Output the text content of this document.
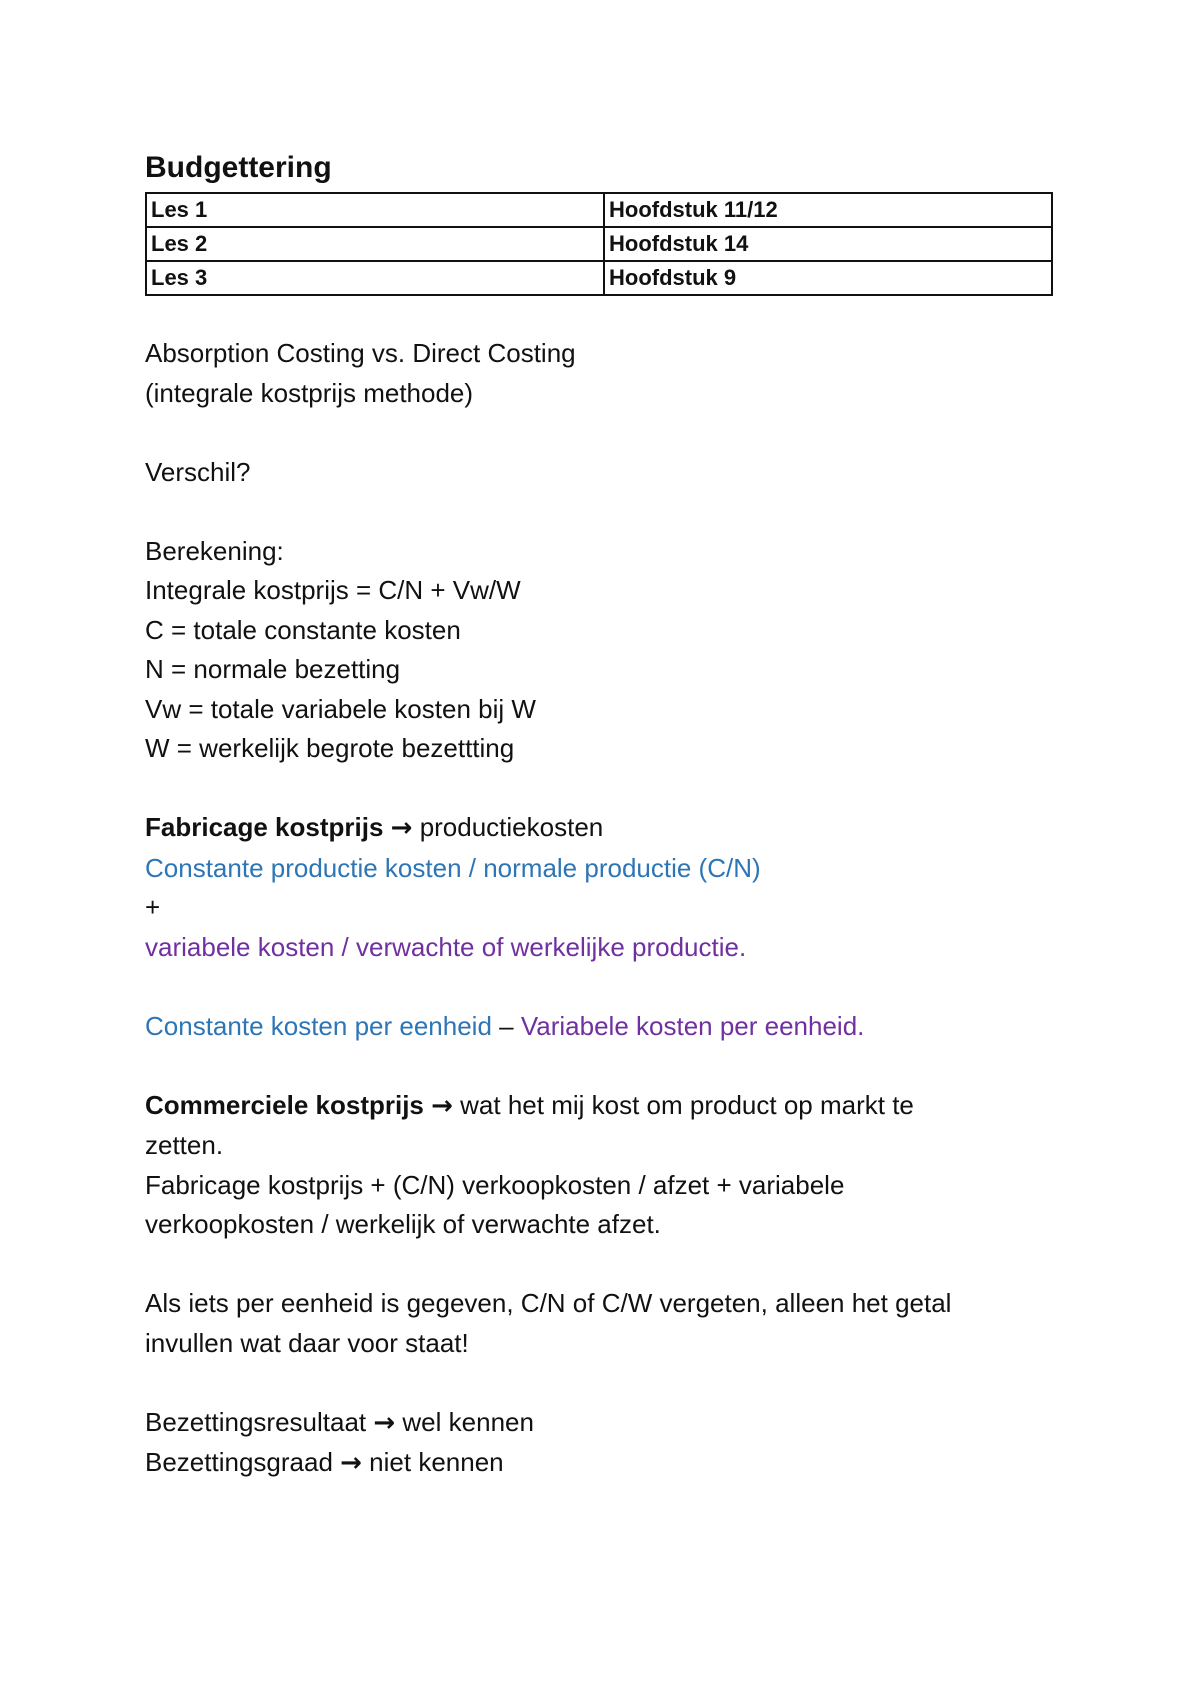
Budgettering
Les 1	Hoofdstuk 11/12
Les 2	Hoofdstuk 14
Les 3	Hoofdstuk 9

Absorption Costing vs. Direct Costing

(integrale kostprijs methode)

Verschil?

Berekening:

Integrale kostprijs = C/N + Vw/W

C = totale constante kosten

N = normale bezetting

Vw = totale variabele kosten bij W

W = werkelijk begrote bezettting

Fabricage kostprijs → productiekosten

Constante productie kosten / normale productie (C/N)

+

variabele kosten / verwachte of werkelijke productie.

Constante kosten per eenheid – Variabele kosten per eenheid.

Commerciele kostprijs → wat het mij kost om product op markt te

zetten.

Fabricage kostprijs + (C/N) verkoopkosten / afzet + variabele

verkoopkosten / werkelijk of verwachte afzet.

Als iets per eenheid is gegeven, C/N of C/W vergeten, alleen het getal

invullen wat daar voor staat!

Bezettingsresultaat → wel kennen

Bezettingsgraad → niet kennen
